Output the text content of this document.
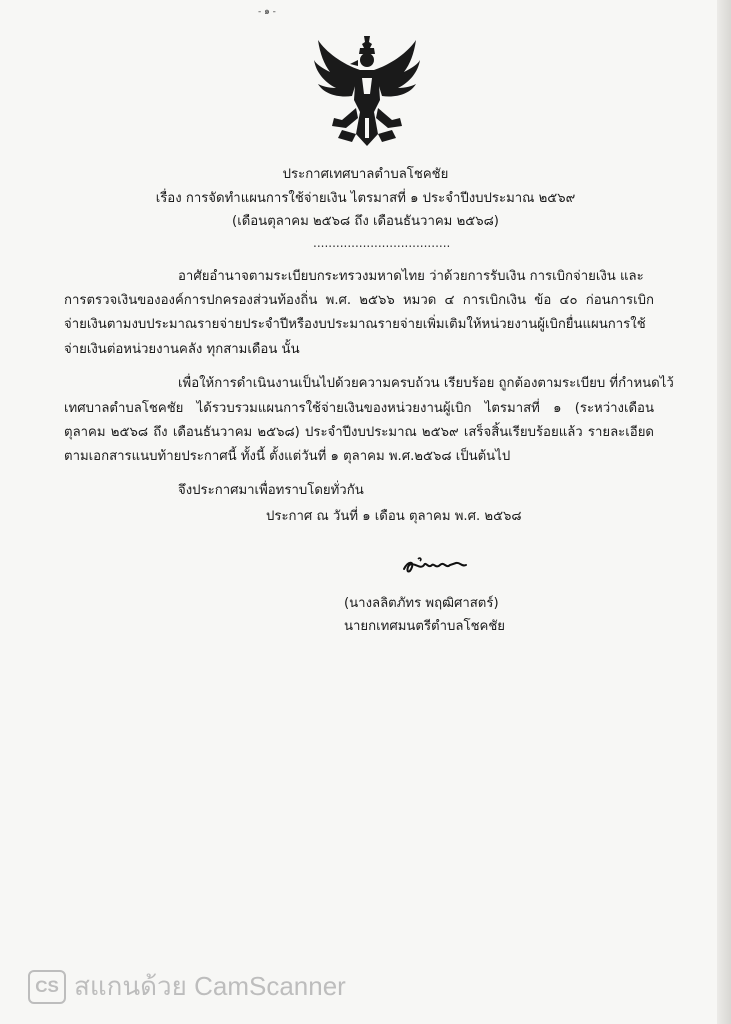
- ๑ -
ประกาศเทศบาลตำบลโชคชัย
เรื่อง การจัดทำแผนการใช้จ่ายเงิน ไตรมาสที่ ๑ ประจำปีงบประมาณ ๒๕๖๙
(เดือนตุลาคม ๒๕๖๘ ถึง เดือนธันวาคม ๒๕๖๘)
....................................
อาศัยอำนาจตามระเบียบกระทรวงมหาดไทย ว่าด้วยการรับเงิน การเบิกจ่ายเงิน และ
การตรวจเงินขององค์การปกครองส่วนท้องถิ่น พ.ศ. ๒๕๖๖ หมวด ๔ การเบิกเงิน ข้อ ๔๐ ก่อนการเบิก
จ่ายเงินตามงบประมาณรายจ่ายประจำปีหรืองบประมาณรายจ่ายเพิ่มเติมให้หน่วยงานผู้เบิกยื่นแผนการใช้
จ่ายเงินต่อหน่วยงานคลัง ทุกสามเดือน นั้น
เพื่อให้การดำเนินงานเป็นไปด้วยความครบถ้วน เรียบร้อย ถูกต้องตามระเบียบ ที่กำหนดไว้
เทศบาลตำบลโชคชัย ได้รวบรวมแผนการใช้จ่ายเงินของหน่วยงานผู้เบิก ไตรมาสที่ ๑ (ระหว่างเดือน
ตุลาคม ๒๕๖๘ ถึง เดือนธันวาคม ๒๕๖๘) ประจำปีงบประมาณ ๒๕๖๙ เสร็จสิ้นเรียบร้อยแล้ว รายละเอียด
ตามเอกสารแนบท้ายประกาศนี้ ทั้งนี้ ตั้งแต่วันที่ ๑ ตุลาคม พ.ศ.๒๕๖๘ เป็นต้นไป
จึงประกาศมาเพื่อทราบโดยทั่วกัน
ประกาศ ณ วันที่ ๑ เดือน ตุลาคม พ.ศ. ๒๕๖๘
(นางลลิตภัทร พฤฒิศาสตร์)
นายกเทศมนตรีตำบลโชคชัย
CS สแกนด้วย CamScanner
